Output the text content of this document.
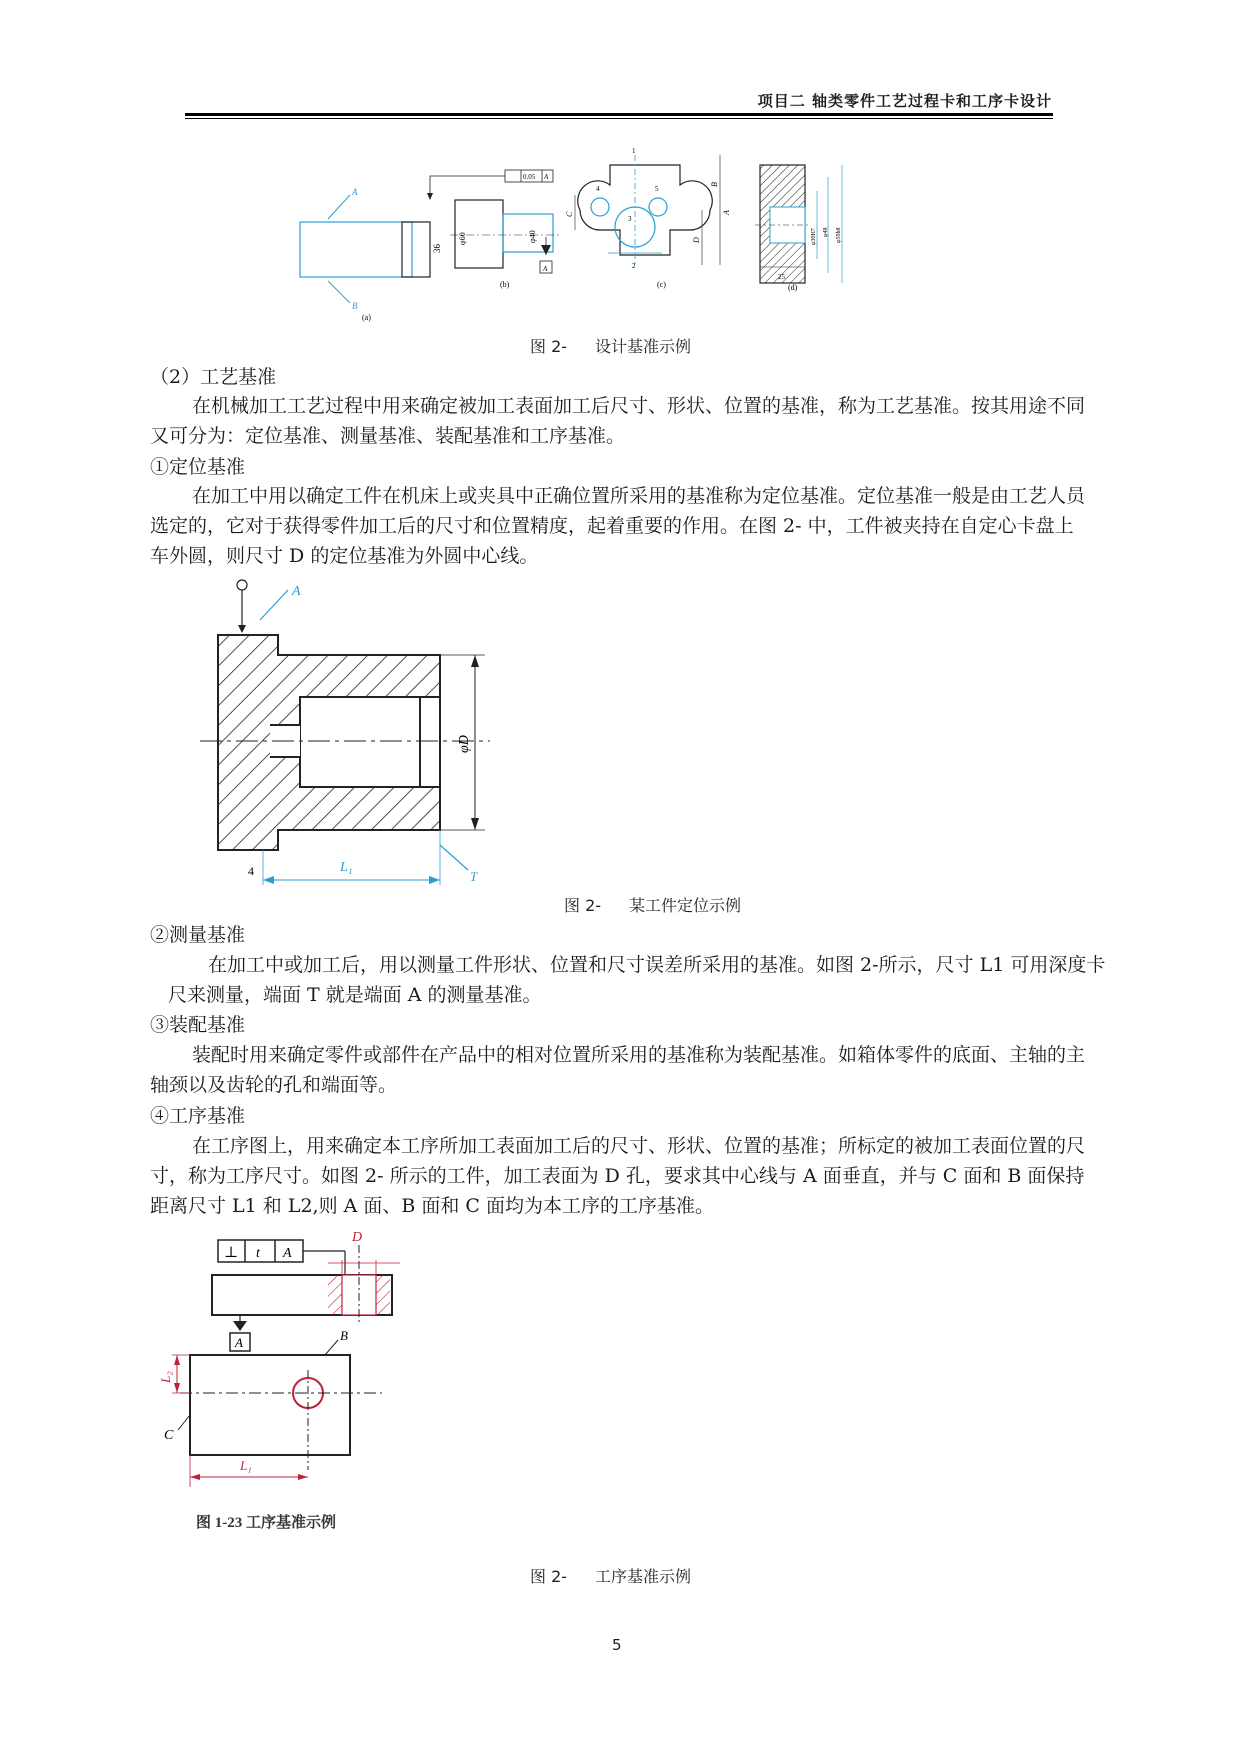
项目二 轴类零件工艺过程卡和工序卡设计
A
B
36
(a)
0.05 A
A
φ60	φ40
(b)
1
2
3
4	5
C
D
B
A
(c)
φ30H7 φ48 φ59h8
25
(d)
图 2- 设计基准示例
（2）工艺基准
在机械加工工艺过程中用来确定被加工表面加工后尺寸、形状、位置的基准，称为工艺基准。按其用途不同又可分为：定位基准、测量基准、装配基准和工序基准。
①定位基准
在加工中用以确定工件在机床上或夹具中正确位置所采用的基准称为定位基准。定位基准一般是由工艺人员选定的，它对于获得零件加工后的尺寸和位置精度，起着重要的作用。在图 2- 中，工件被夹持在自定心卡盘上车外圆，则尺寸 D 的定位基准为外圆中心线。
A
φD
L₁
T
4
图 2- 某工件定位示例
②测量基准
在加工中或加工后，用以测量工件形状、位置和尺寸误差所采用的基准。如图 2-所示，尺寸 L1 可用深度卡尺来测量，端面 T 就是端面 A 的测量基准。
③装配基准
装配时用来确定零件或部件在产品中的相对位置所采用的基准称为装配基准。如箱体零件的底面、主轴的主轴颈以及齿轮的孔和端面等。
④工序基准
在工序图上，用来确定本工序所加工表面加工后的尺寸、形状、位置的基准；所标定的被加工表面位置的尺寸，称为工序尺寸。如图 2- 所示的工件，加工表面为 D 孔，要求其中心线与 A 面垂直，并与 C 面和 B 面保持距离尺寸 L1 和 L2,则 A 面、B 面和 C 面均为本工序的工序基准。
⊥ t A
D
A	B
C
L₂
L₁
图 1-23 工序基准示例
图 2- 工序基准示例
5
